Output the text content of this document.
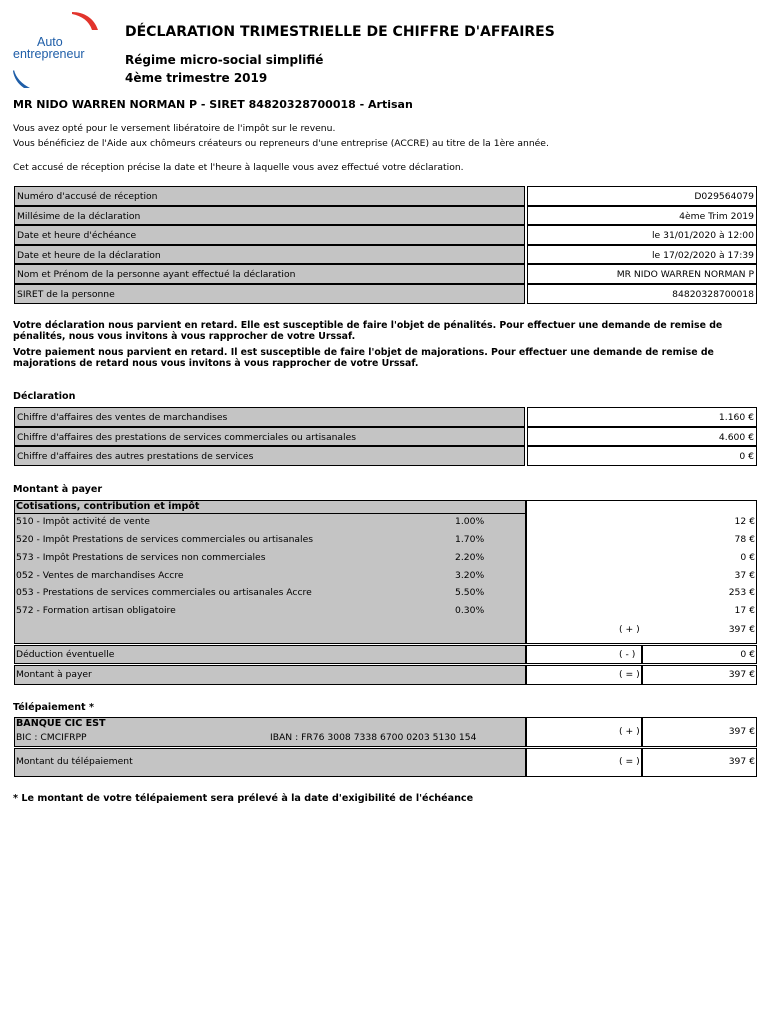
Auto
entrepreneur
DÉCLARATION TRIMESTRIELLE DE CHIFFRE D'AFFAIRES
Régime micro-social simplifié
4ème trimestre 2019
MR NIDO WARREN NORMAN P - SIRET 84820328700018 - Artisan
Vous avez opté pour le versement libératoire de l'impôt sur le revenu.
Vous bénéficiez de l'Aide aux chômeurs créateurs ou repreneurs d'une entreprise (ACCRE) au titre de la 1ère année.
Cet accusé de réception précise la date et l'heure à laquelle vous avez effectué votre déclaration.
Numéro d'accusé de réception	D029564079
Millésime de la déclaration	4ème Trim 2019
Date et heure d'échéance	le 31/01/2020 à 12:00
Date et heure de la déclaration	le 17/02/2020 à 17:39
Nom et Prénom de la personne ayant effectué la déclaration	MR NIDO WARREN NORMAN P
SIRET de la personne	84820328700018
Votre déclaration nous parvient en retard. Elle est susceptible de faire l'objet de pénalités. Pour effectuer une demande de remise de
pénalités, nous vous invitons à vous rapprocher de votre Urssaf.
Votre paiement nous parvient en retard. Il est susceptible de faire l'objet de majorations. Pour effectuer une demande de remise de
majorations de retard nous vous invitons à vous rapprocher de votre Urssaf.
Déclaration
Chiffre d'affaires des ventes de marchandises	1.160 €
Chiffre d'affaires des prestations de services commerciales ou artisanales	4.600 €
Chiffre d'affaires des autres prestations de services	0 €
Montant à payer
Cotisations, contribution et impôt
510 - Impôt activité de vente	1.00%	12 €
520 - Impôt Prestations de services commerciales ou artisanales	1.70%	78 €
573 - Impôt Prestations de services non commerciales	2.20%	0 €
052 - Ventes de marchandises Accre	3.20%	37 €
053 - Prestations de services commerciales ou artisanales Accre	5.50%	253 €
572 - Formation artisan obligatoire	0.30%	17 €
( + )	397 €
Déduction éventuelle	( - )	0 €
Montant à payer	( = )	397 €
Télépaiement *
BANQUE CIC EST
BIC : CMCIFRPP	IBAN : FR76 3008 7338 6700 0203 5130 154
( + )	397 €
Montant du télépaiement	( = )	397 €
* Le montant de votre télépaiement sera prélevé à la date d'exigibilité de l'échéance
